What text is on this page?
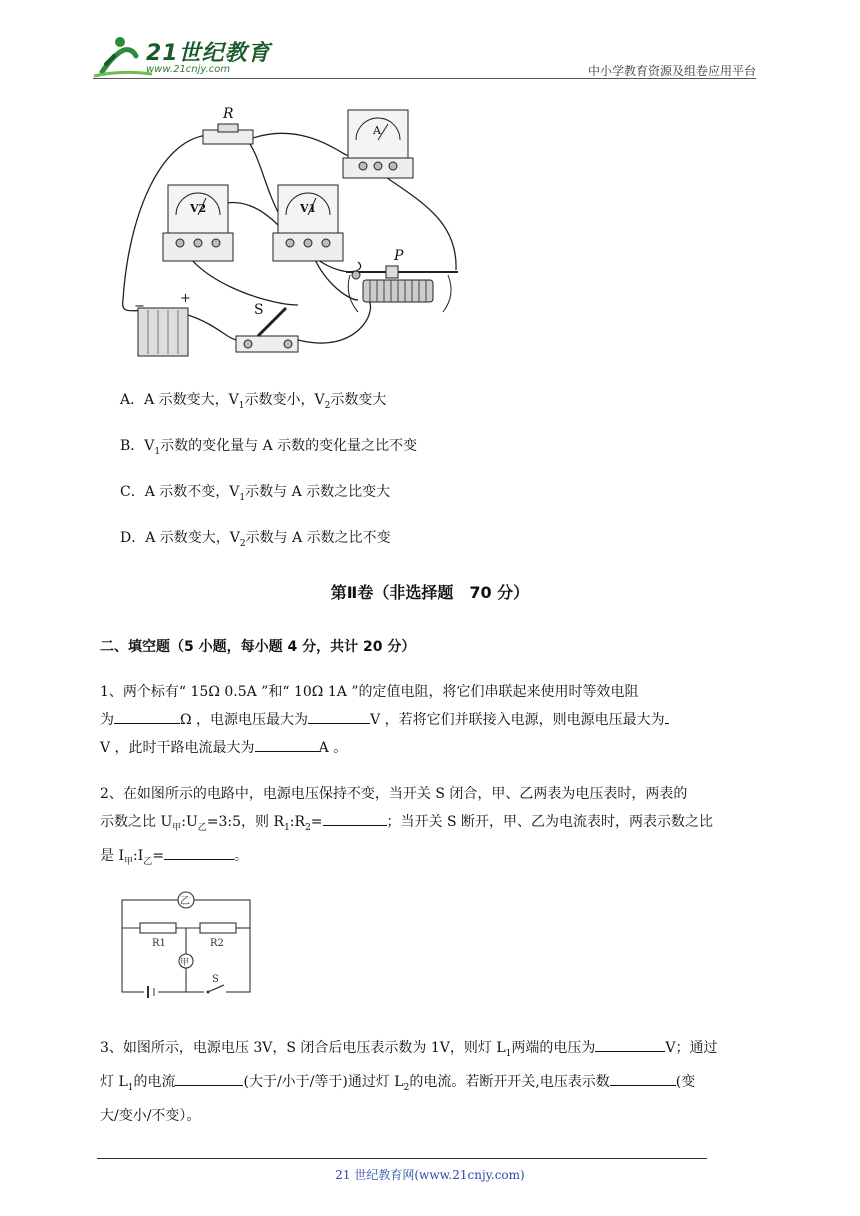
21世纪教育
www.21cnjy.com	中小学教育资源及组卷应用平台
R
A
V2	V1
P
−
+
S
A．A 示数变大，$V_1$示数变小，$V_2$示数变大
B．$V_1$示数的变化量与 A 示数的变化量之比不变
C．A 示数不变，$V_1$示数与 A 示数之比变大
D．A 示数变大，$V_2$示数与 A 示数之比不变
第Ⅱ卷（非选择题　70 分）
二、填空题（5 小题，每小题 4 分，共计 20 分）
1、两个标有“ 15Ω 0.5A ”和“ 10Ω 1A ”的定值电阻，将它们串联起来使用时等效电阻
为	Ω ，电源电压最大为	V ，若将它们并联接入电源，则电源电压最大为
V ，此时干路电流最大为	A 。
2、在如图所示的电路中，电源电压保持不变，当开关 S 闭合，甲、乙两表为电压表时，两表的
示数之比 $U_甲:U_乙=3:5$，则 $R_1:R_2=$	；当开关 S 断开，甲、乙为电流表时，两表示数之比
是 $I_甲:I_乙=$	。
乙
甲
R1	R2
S
3、如图所示，电源电压 3V，S 闭合后电压表示数为 1V，则灯 $L_1$两端的电压为	V；通过
灯 $L_1$的电流	(大于/小于/等于)通过灯 $L_2$的电流。若断开开关,电压表示数	(变
大/变小/不变）。
21 世纪教育网(www.21cnjy.com)
